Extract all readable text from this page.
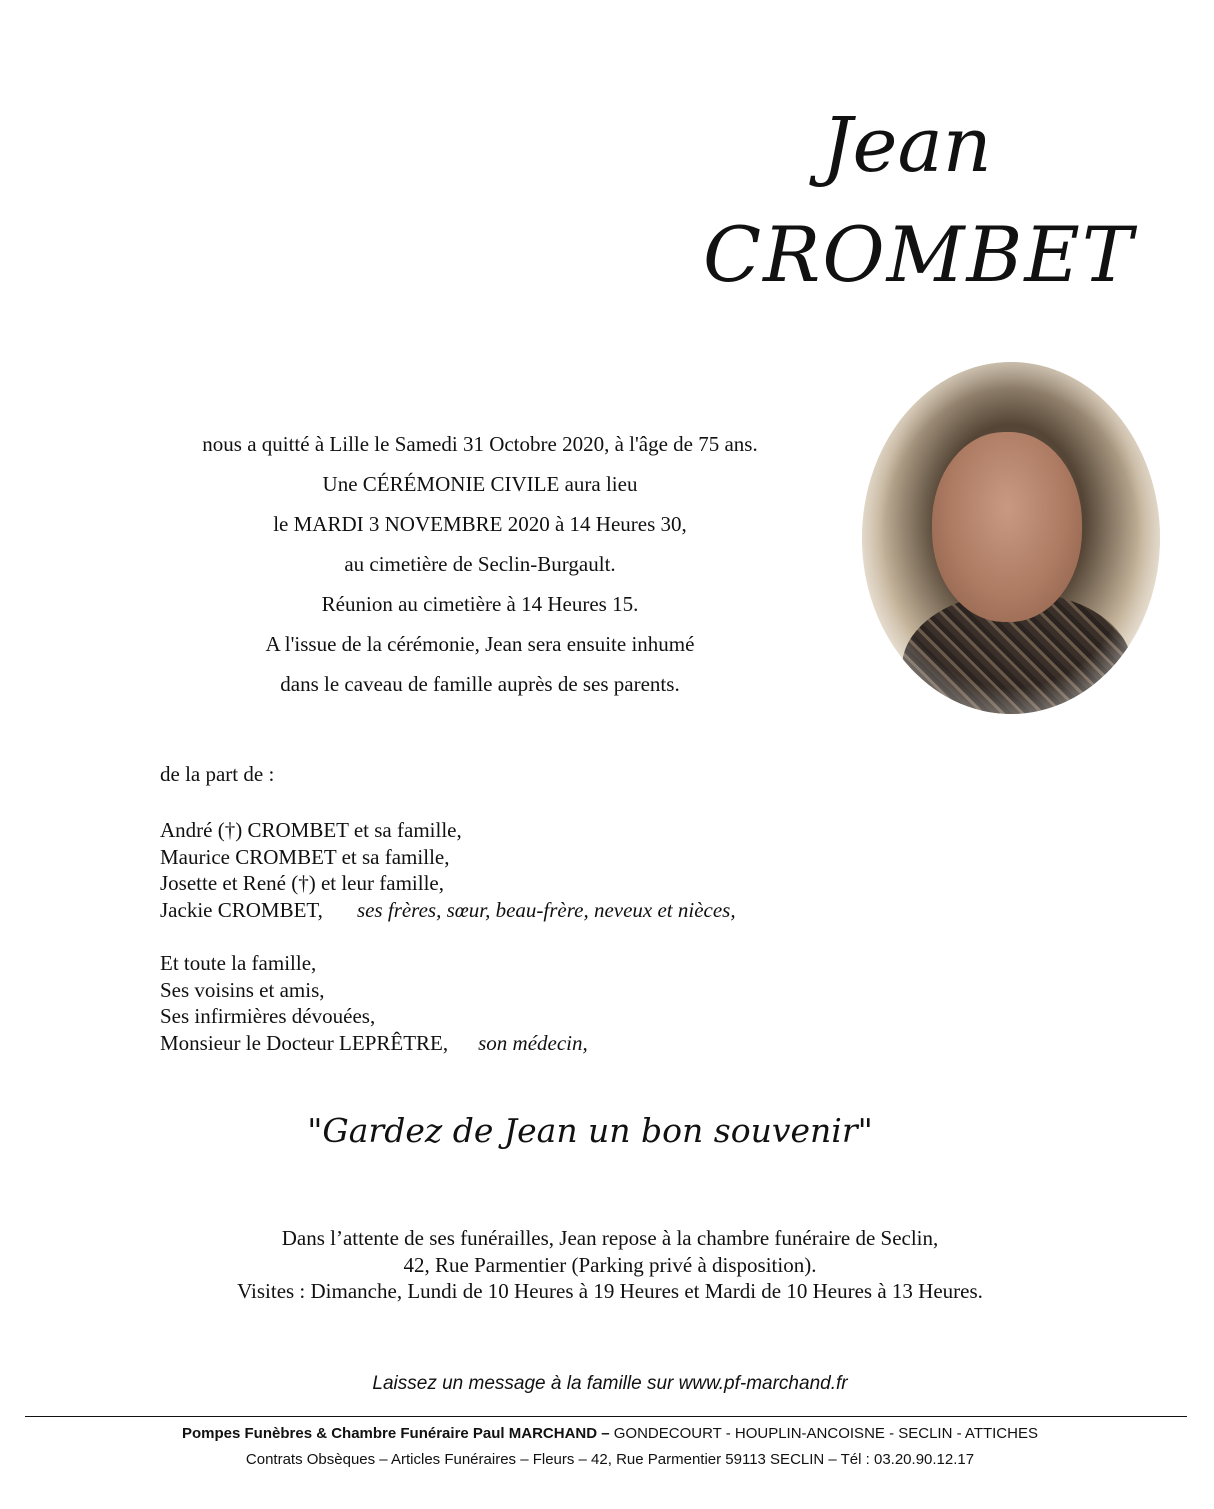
Jean
CROMBET
nous a quitté à Lille le Samedi 31 Octobre 2020, à l'âge de 75 ans.
Une CÉRÉMONIE CIVILE aura lieu
le MARDI 3 NOVEMBRE 2020 à 14 Heures 30,
au cimetière de Seclin-Burgault.
Réunion au cimetière à 14 Heures 15.
A l'issue de la cérémonie, Jean sera ensuite inhumé
dans le caveau de famille auprès de ses parents.
de la part de :
André (†) CROMBET et sa famille,
Maurice CROMBET et sa famille,
Josette et René (†) et leur famille,
Jackie CROMBET, ses frères, sœur, beau-frère, neveux et nièces,
Et toute la famille,
Ses voisins et amis,
Ses infirmières dévouées,
Monsieur le Docteur LEPRÊTRE, son médecin,
"Gardez de Jean un bon souvenir"
Dans l’attente de ses funérailles, Jean repose à la chambre funéraire de Seclin,
42, Rue Parmentier (Parking privé à disposition).
Visites : Dimanche, Lundi de 10 Heures à 19 Heures et Mardi de 10 Heures à 13 Heures.
Laissez un message à la famille sur www.pf-marchand.fr
Pompes Funèbres & Chambre Funéraire Paul MARCHAND – GONDECOURT - HOUPLIN-ANCOISNE - SECLIN - ATTICHES
Contrats Obsèques – Articles Funéraires – Fleurs – 42, Rue Parmentier 59113 SECLIN – Tél : 03.20.90.12.17
